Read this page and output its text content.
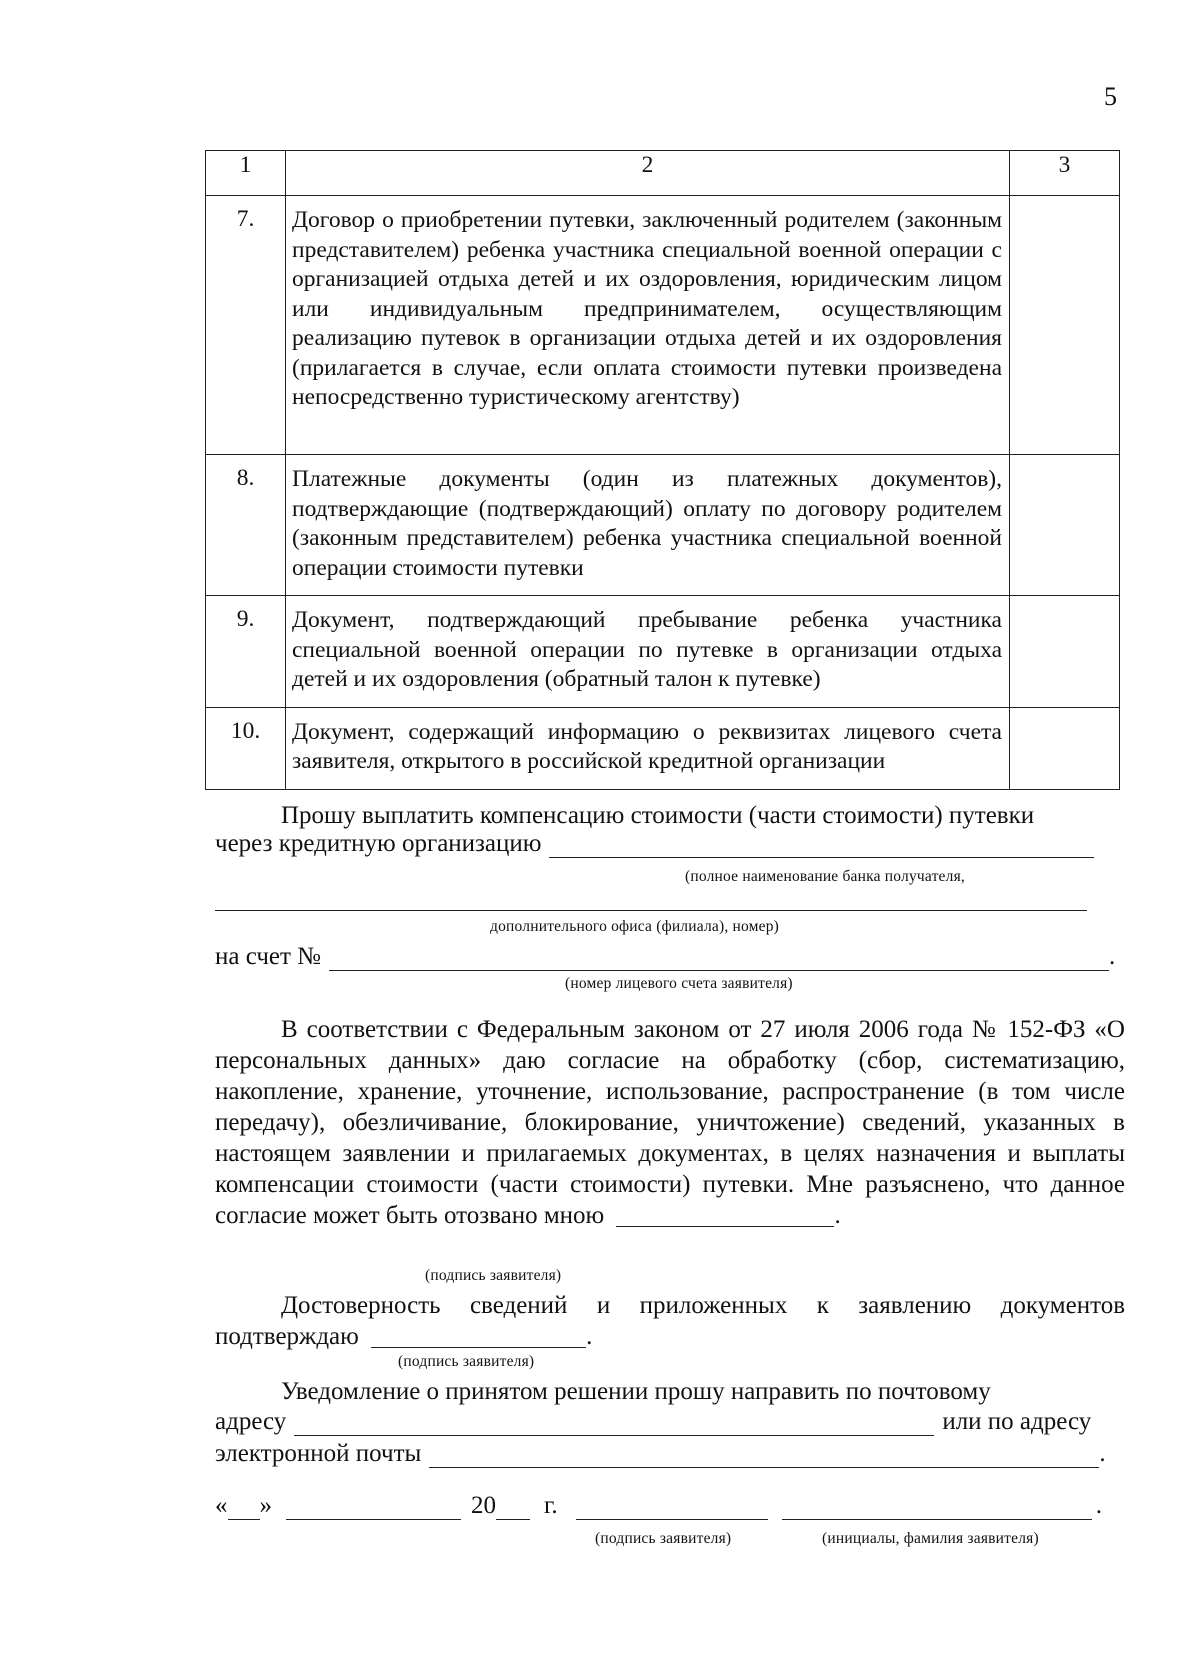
5
1	2	3
7.	Договор о приобретении путевки, заключенный родителем (законным представителем) ребенка участника специальной военной операции с организацией отдыха детей и их оздоровления, юридическим лицом или индивидуальным предпринимателем, осуществляющим реализацию путевок в организации отдыха детей и их оздоровления (прилагается в случае, если оплата стоимости путевки произведена непосредственно туристическому агентству)	
8.	Платежные документы (один из платежных документов), подтверждающие (подтверждающий) оплату по договору родителем (законным представителем) ребенка участника специальной военной операции стоимости путевки	
9.	Документ, подтверждающий пребывание ребенка участника специальной военной операции по путевке в организации отдыха детей и их оздоровления (обратный талон к путевке)	
10.	Документ, содержащий информацию о реквизитах лицевого счета заявителя, открытого в российской кредитной организации	
Прошу выплатить компенсацию стоимости (части стоимости) путевки
через кредитную организацию
(полное наименование банка получателя,
дополнительного офиса (филиала), номер)
на счет №	.
(номер лицевого счета заявителя)
В соответствии с Федеральным законом от 27 июля 2006 года № 152-ФЗ «О персональных данных» даю согласие на обработку (сбор, систематизацию, накопление, хранение, уточнение, использование, распространение (в том числе передачу), обезличивание, блокирование, уничтожение) сведений, указанных в настоящем заявлении и прилагаемых документах, в целях назначения и выплаты компенсации стоимости (части стоимости) путевки. Мне разъяснено, что данное согласие может быть отозвано мною	.
(подпись заявителя)
Достоверность сведений и приложенных к заявлению документов подтверждаю	.
(подпись заявителя)
Уведомление о принятом решении прошу направить по почтовому
адресу	или по адресу
электронной почты	.
« »	20 г.	.
(подпись заявителя)	(инициалы, фамилия заявителя)
